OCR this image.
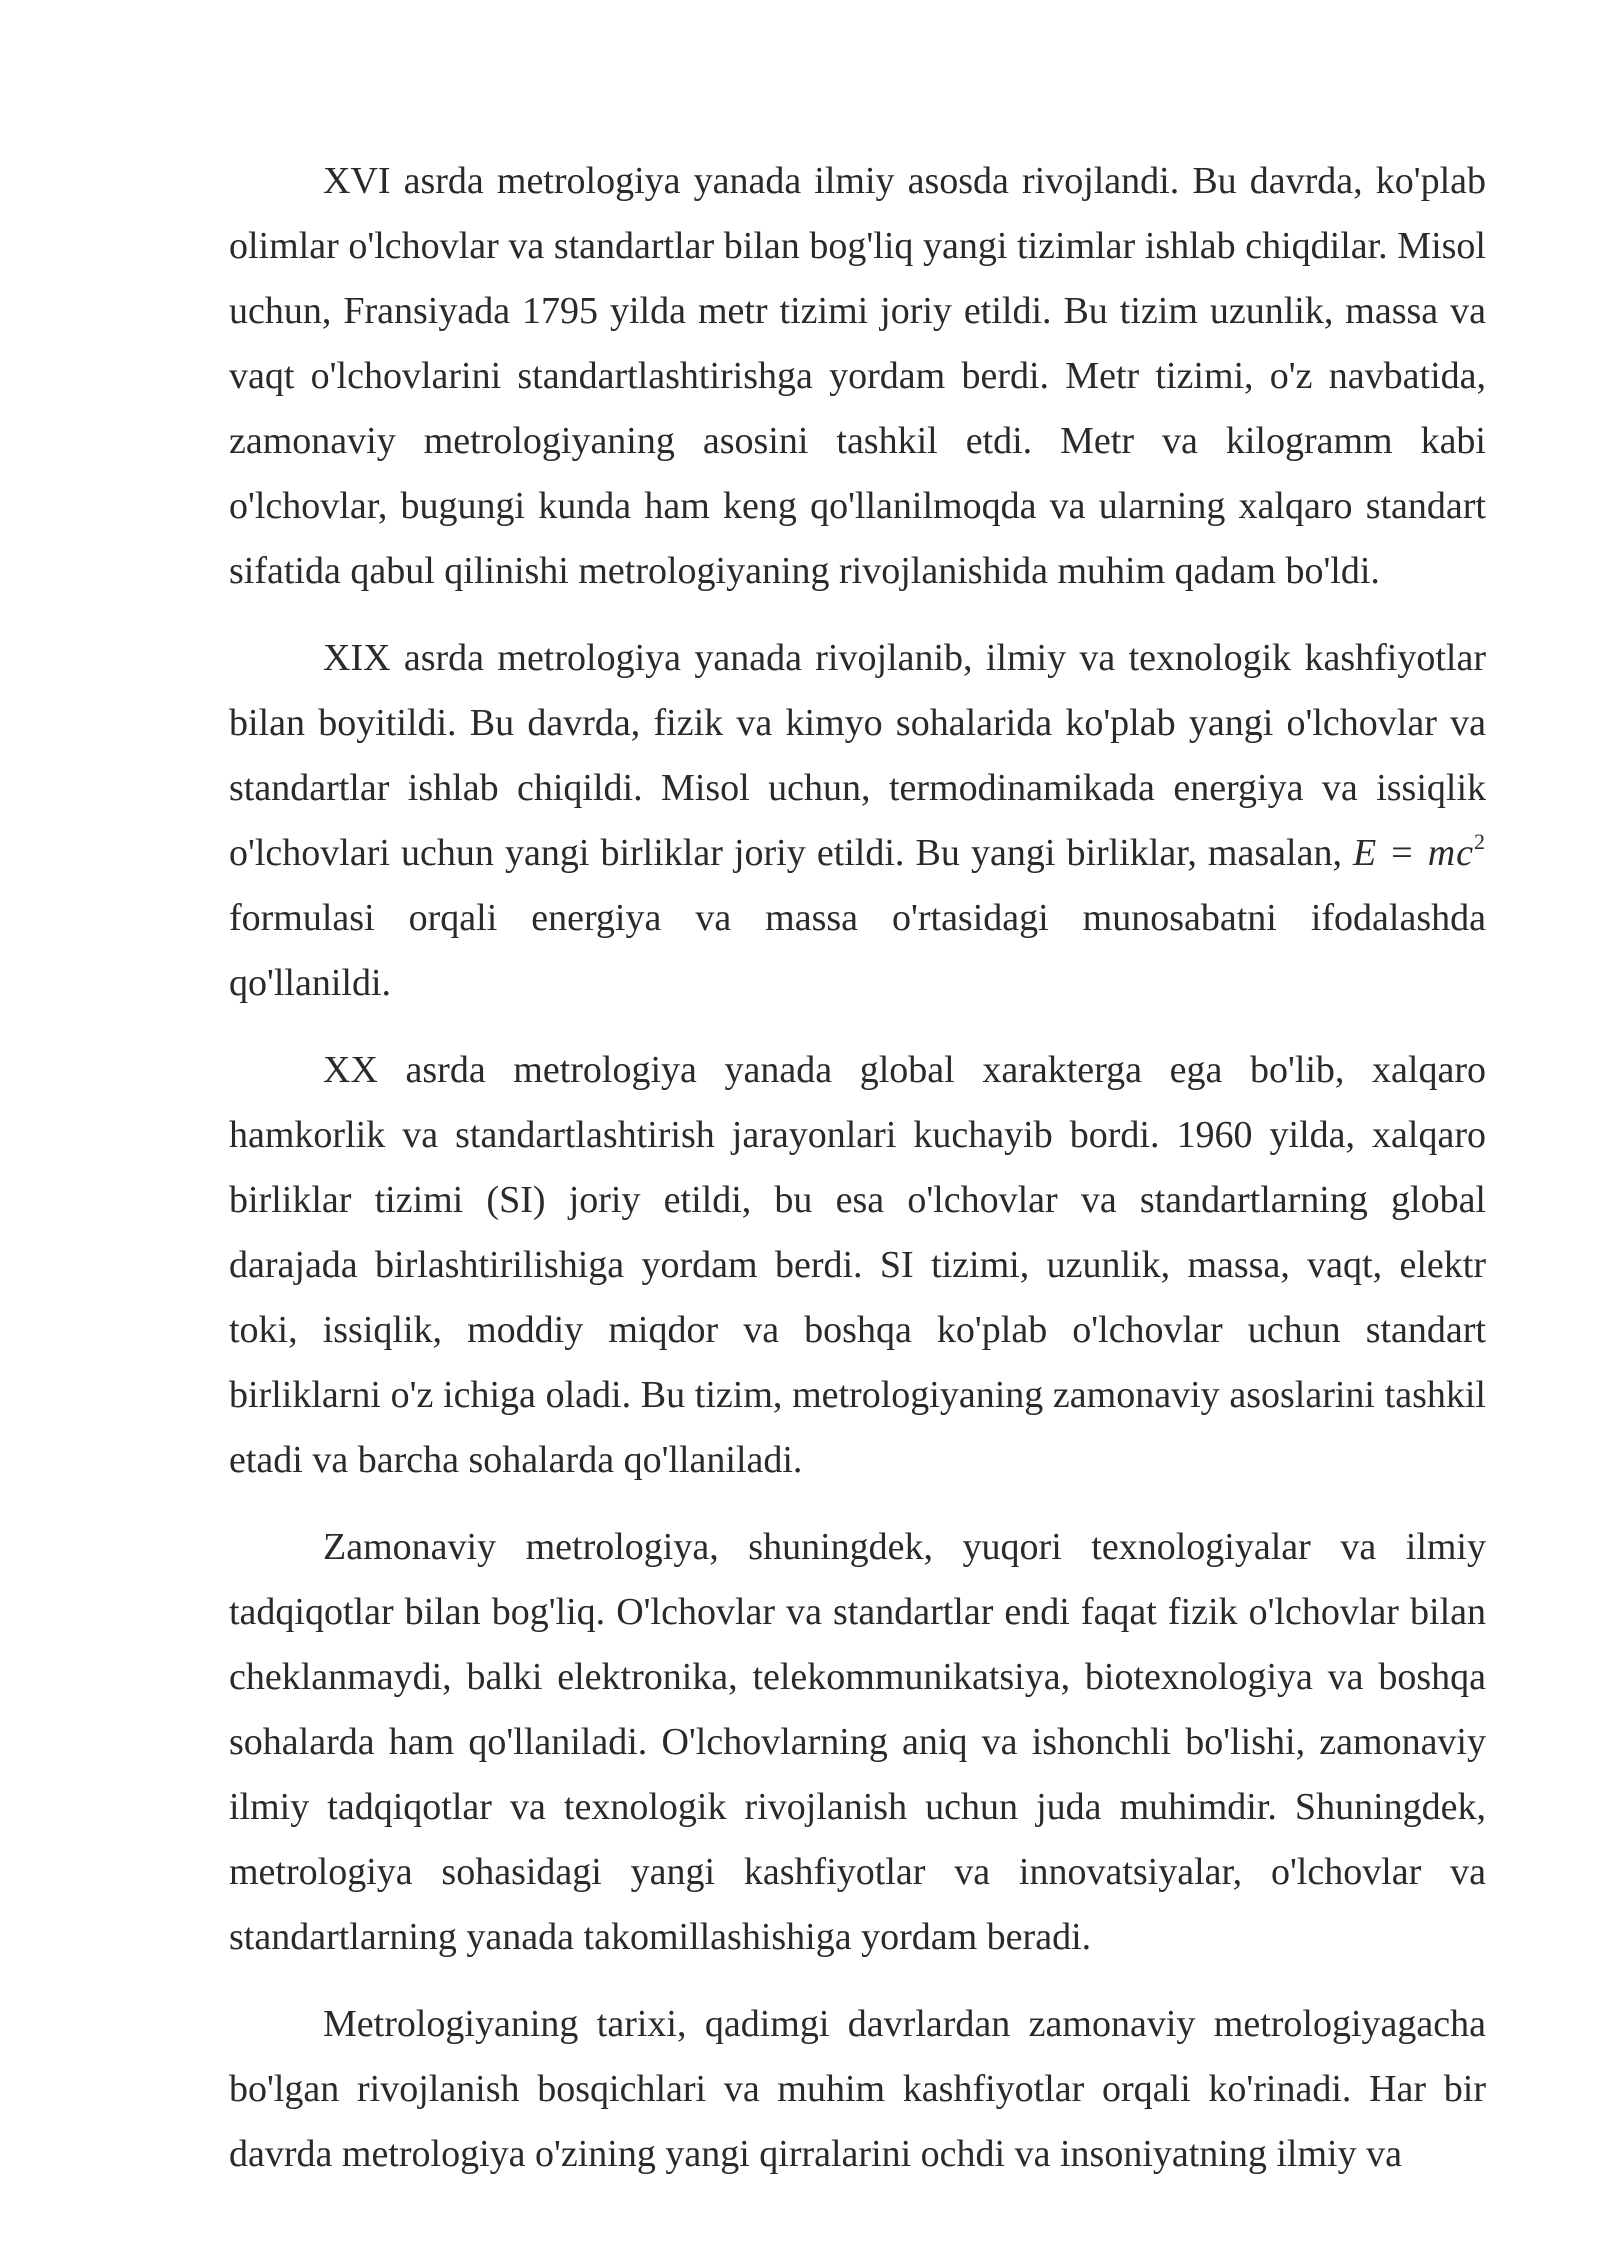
XVI asrda metrologiya yanada ilmiy asosda rivojlandi. Bu davrda, ko'plab olimlar o'lchovlar va standartlar bilan bog'liq yangi tizimlar ishlab chiqdilar. Misol uchun, Fransiyada 1795 yilda metr tizimi joriy etildi. Bu tizim uzunlik, massa va vaqt o'lchovlarini standartlashtirishga yordam berdi. Metr tizimi, o'z navbatida, zamonaviy metrologiyaning asosini tashkil etdi. Metr va kilogramm kabi o'lchovlar, bugungi kunda ham keng qo'llanilmoqda va ularning xalqaro standart sifatida qabul qilinishi metrologiyaning rivojlanishida muhim qadam bo'ldi.

XIX asrda metrologiya yanada rivojlanib, ilmiy va texnologik kashfiyotlar bilan boyitildi. Bu davrda, fizik va kimyo sohalarida ko'plab yangi o'lchovlar va standartlar ishlab chiqildi. Misol uchun, termodinamikada energiya va issiqlik o'lchovlari uchun yangi birliklar joriy etildi. Bu yangi birliklar, masalan, $E = mc^2$ formulasi orqali energiya va massa o'rtasidagi munosabatni ifodalashda qo'llanildi.

XX asrda metrologiya yanada global xarakterga ega bo'lib, xalqaro hamkorlik va standartlashtirish jarayonlari kuchayib bordi. 1960 yilda, xalqaro birliklar tizimi (SI) joriy etildi, bu esa o'lchovlar va standartlarning global darajada birlashtirilishiga yordam berdi. SI tizimi, uzunlik, massa, vaqt, elektr toki, issiqlik, moddiy miqdor va boshqa ko'plab o'lchovlar uchun standart birliklarni o'z ichiga oladi. Bu tizim, metrologiyaning zamonaviy asoslarini tashkil etadi va barcha sohalarda qo'llaniladi.

Zamonaviy metrologiya, shuningdek, yuqori texnologiyalar va ilmiy tadqiqotlar bilan bog'liq. O'lchovlar va standartlar endi faqat fizik o'lchovlar bilan cheklanmaydi, balki elektronika, telekommunikatsiya, biotexnologiya va boshqa sohalarda ham qo'llaniladi. O'lchovlarning aniq va ishonchli bo'lishi, zamonaviy ilmiy tadqiqotlar va texnologik rivojlanish uchun juda muhimdir. Shuningdek, metrologiya sohasidagi yangi kashfiyotlar va innovatsiyalar, o'lchovlar va standartlarning yanada takomillashishiga yordam beradi.

Metrologiyaning tarixi, qadimgi davrlardan zamonaviy metrologiyagacha bo'lgan rivojlanish bosqichlari va muhim kashfiyotlar orqali ko'rinadi. Har bir davrda metrologiya o'zining yangi qirralarini ochdi va insoniyatning ilmiy va
